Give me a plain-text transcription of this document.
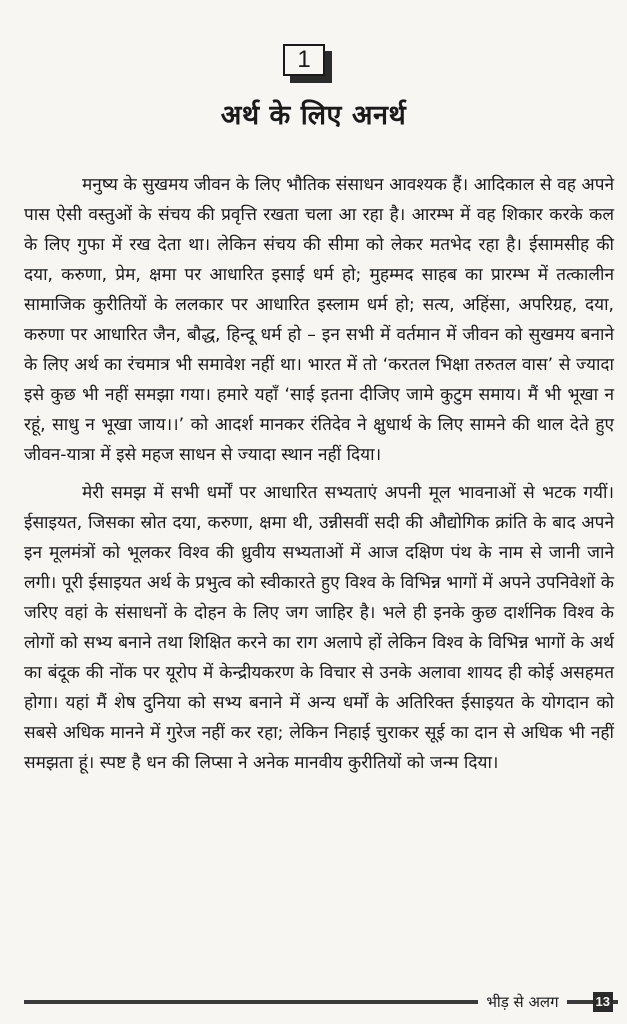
1
अर्थ के लिए अनर्थ

मनुष्य के सुखमय जीवन के लिए भौतिक संसाधन आवश्यक हैं। आदिकाल से वह अपने पास ऐसी वस्तुओं के संचय की प्रवृत्ति रखता चला आ रहा है। आरम्भ में वह शिकार करके कल के लिए गुफा में रख देता था। लेकिन संचय की सीमा को लेकर मतभेद रहा है। ईसामसीह की दया, करुणा, प्रेम, क्षमा पर आधारित इसाई धर्म हो; मुहम्मद साहब का प्रारम्भ में तत्कालीन सामाजिक कुरीतियों के ललकार पर आधारित इस्लाम धर्म हो; सत्य, अहिंसा, अपरिग्रह, दया, करुणा पर आधारित जैन, बौद्ध, हिन्दू धर्म हो – इन सभी में वर्तमान में जीवन को सुखमय बनाने के लिए अर्थ का रंचमात्र भी समावेश नहीं था। भारत में तो ‘करतल भिक्षा तरुतल वास’ से ज्यादा इसे कुछ भी नहीं समझा गया। हमारे यहाँ ‘साई इतना दीजिए जामे कुटुम समाय। मैं भी भूखा न रहूं, साधु न भूखा जाय।।’ को आदर्श मानकर रंतिदेव ने क्षुधार्थ के लिए सामने की थाल देते हुए जीवन-यात्रा में इसे महज साधन से ज्यादा स्थान नहीं दिया।

मेरी समझ में सभी धर्मों पर आधारित सभ्यताएं अपनी मूल भावनाओं से भटक गयीं। ईसाइयत, जिसका स्रोत दया, करुणा, क्षमा थी, उन्नीसवीं सदी की औद्योगिक क्रांति के बाद अपने इन मूलमंत्रों को भूलकर विश्व की ध्रुवीय सभ्यताओं में आज दक्षिण पंथ के नाम से जानी जाने लगी। पूरी ईसाइयत अर्थ के प्रभुत्व को स्वीकारते हुए विश्व के विभिन्न भागों में अपने उपनिवेशों के जरिए वहां के संसाधनों के दोहन के लिए जग जाहिर है। भले ही इनके कुछ दार्शनिक विश्व के लोगों को सभ्य बनाने तथा शिक्षित करने का राग अलापे हों लेकिन विश्व के विभिन्न भागों के अर्थ का बंदूक की नोंक पर यूरोप में केन्द्रीयकरण के विचार से उनके अलावा शायद ही कोई असहमत होगा। यहां मैं शेष दुनिया को सभ्य बनाने में अन्य धर्मों के अतिरिक्त ईसाइयत के योगदान को सबसे अधिक मानने में गुरेज नहीं कर रहा; लेकिन निहाई चुराकर सूई का दान से अधिक भी नहीं समझता हूं। स्पष्ट है धन की लिप्सा ने अनेक मानवीय कुरीतियों को जन्म दिया।

भीड़ से अलग	13
